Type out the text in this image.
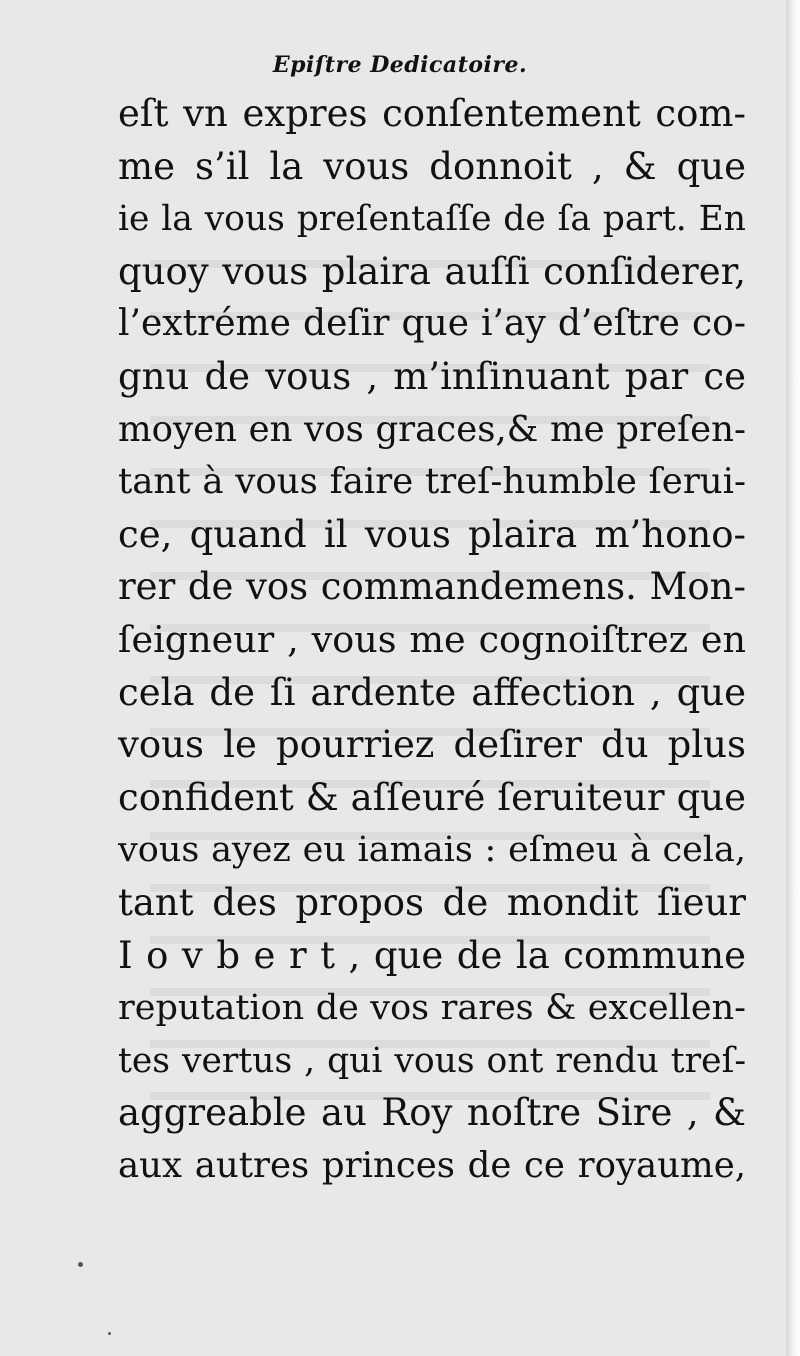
Epiſtre Dedicatoire.
eſt vn expres conſentement com-
me s’il la vous donnoit , & que
ie la vous preſentaſſe de ſa part. En
quoy vous plaira auſſi conſiderer,
l’extréme deſir que i’ay d’eſtre co-
gnu de vous , m’inſinuant par ce
moyen en vos graces,& me preſen-
tant à vous faire treſ-humble ſerui-
ce, quand il vous plaira m’hono-
rer de vos commandemens. Mon-
ſeigneur , vous me cognoiſtrez en
cela de ſi ardente affection , que
vous le pourriez deſirer du plus
confident & aſſeuré ſeruiteur que
vous ayez eu iamais : eſmeu à cela,
tant des propos de mondit ſieur
I o v b e r t , que de la commune
reputation de vos rares & excellen-
tes vertus , qui vous ont rendu treſ-
aggreable au Roy noſtre Sire , &
aux autres princes de ce royaume,
